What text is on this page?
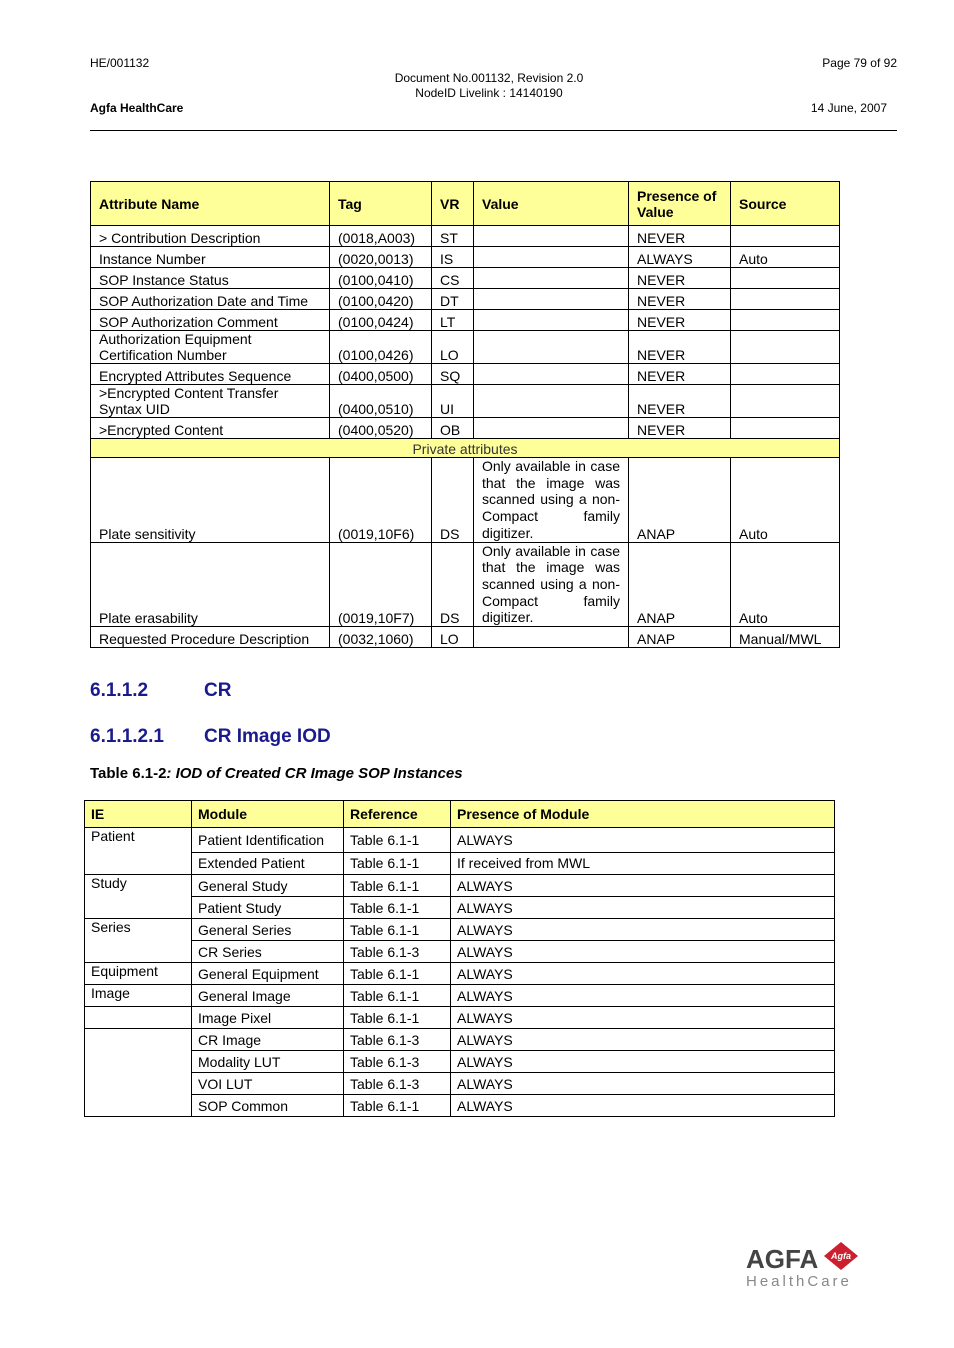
HE/001132	Page 79 of 92
Document No.001132, Revision 2.0
NodeID Livelink : 14140190
Agfa HealthCare	14 June, 2007
Attribute Name	Tag	VR	Value	Presence of Value	Source
> Contribution Description	(0018,A003)	ST		NEVER	
Instance Number	(0020,0013)	IS		ALWAYS	Auto
SOP Instance Status	(0100,0410)	CS		NEVER	
SOP Authorization Date and Time	(0100,0420)	DT		NEVER	
SOP Authorization Comment	(0100,0424)	LT		NEVER	
Authorization Equipment Certification Number	(0100,0426)	LO		NEVER	
Encrypted Attributes Sequence	(0400,0500)	SQ		NEVER	
>Encrypted Content Transfer Syntax UID	(0400,0510)	UI		NEVER	
>Encrypted Content	(0400,0520)	OB		NEVER	
Private attributes					
Plate sensitivity	(0019,10F6)	DS	Only available in case that the image was scanned using a non-Compact family digitizer.	ANAP	Auto
Plate erasability	(0019,10F7)	DS	Only available in case that the image was scanned using a non-Compact family digitizer.	ANAP	Auto
Requested Procedure Description	(0032,1060)	LO		ANAP	Manual/MWL
6.1.1.2	CR
6.1.1.2.1 CR Image IOD
Table 6.1-2: IOD of Created CR Image SOP Instances
IE	Module	Reference	Presence of Module
Patient	Patient Identification	Table 6.1-1	ALWAYS
	Extended Patient	Table 6.1-1	If received from MWL
Study	General Study	Table 6.1-1	ALWAYS
	Patient Study	Table 6.1-1	ALWAYS
Series	General Series	Table 6.1-1	ALWAYS
	CR Series	Table 6.1-3	ALWAYS
Equipment	General Equipment	Table 6.1-1	ALWAYS
Image	General Image	Table 6.1-1	ALWAYS
	Image Pixel	Table 6.1-1	ALWAYS
	CR Image	Table 6.1-3	ALWAYS
	Modality LUT	Table 6.1-3	ALWAYS
	VOI LUT	Table 6.1-3	ALWAYS
	SOP Common	Table 6.1-1	ALWAYS
AGFA Agfa
HealthCare
